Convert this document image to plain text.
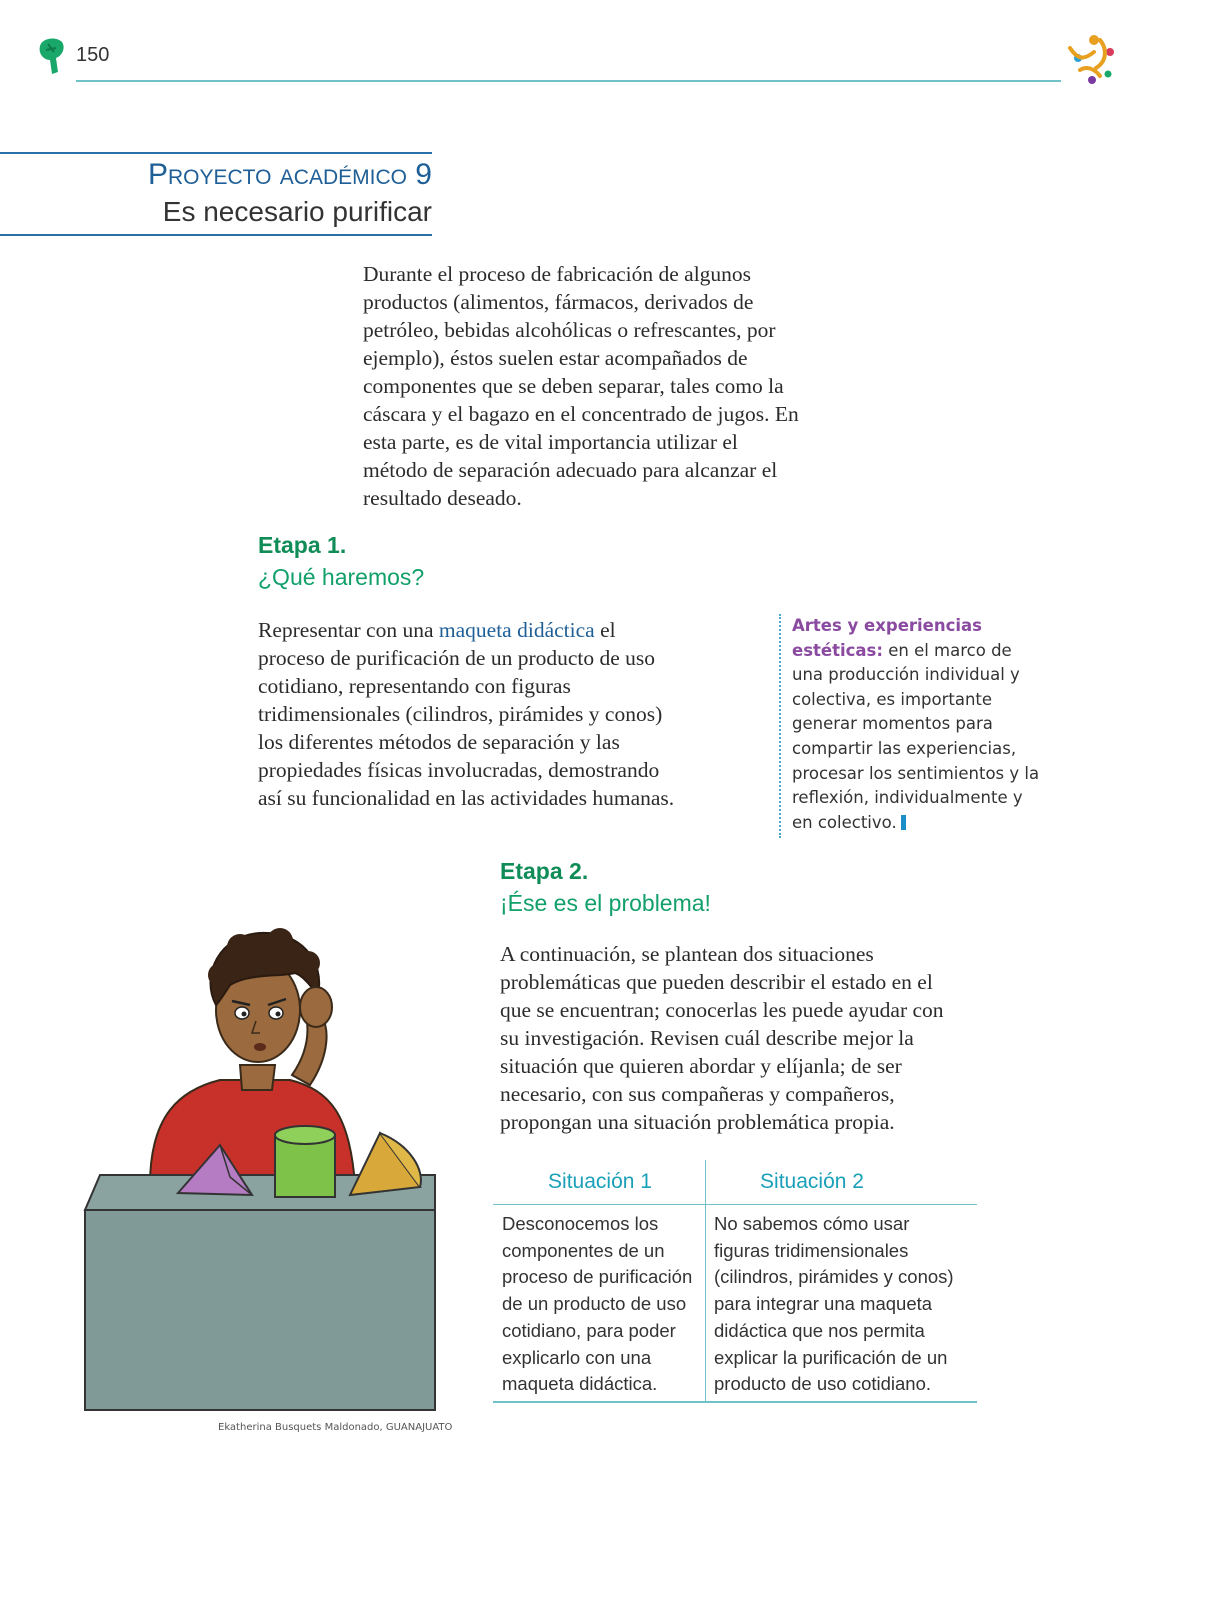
150
Proyecto académico 9
Es necesario purificar
Durante el proceso de fabricación de algunos productos (alimentos, fármacos, derivados de petróleo, bebidas alcohólicas o refrescantes, por ejemplo), éstos suelen estar acompañados de componentes que se deben separar, tales como la cáscara y el bagazo en el concentrado de jugos. En esta parte, es de vital importancia utilizar el método de separación adecuado para alcanzar el resultado deseado.
Etapa 1.
¿Qué haremos?
Representar con una maqueta didáctica el proceso de purificación de un producto de uso cotidiano, representando con figuras tridimensionales (cilindros, pirámides y conos) los diferentes métodos de separación y las propiedades físicas involucradas, demostrando así su funcionalidad en las actividades humanas.
Artes y experiencias estéticas: en el marco de una producción individual y colectiva, es importante generar momentos para compartir las experiencias, procesar los sentimientos y la reflexión, individualmente y en colectivo.
Ekatherina Busquets Maldonado, GUANAJUATO
Etapa 2.
¡Ése es el problema!
A continuación, se plantean dos situaciones problemáticas que pueden describir el estado en el que se encuentran; conocerlas les puede ayudar con su investigación. Revisen cuál describe mejor la situación que quieren abordar y elíjanla; de ser necesario, con sus compañeras y compañeros, propongan una situación problemática propia.
Situación 1	Situación 2
Desconocemos los componentes de un proceso de purificación de un producto de uso cotidiano, para poder explicarlo con una maqueta didáctica.
No sabemos cómo usar figuras tridimensionales (cilindros, pirámides y conos) para integrar una maqueta didáctica que nos permita explicar la purificación de un producto de uso cotidiano.
